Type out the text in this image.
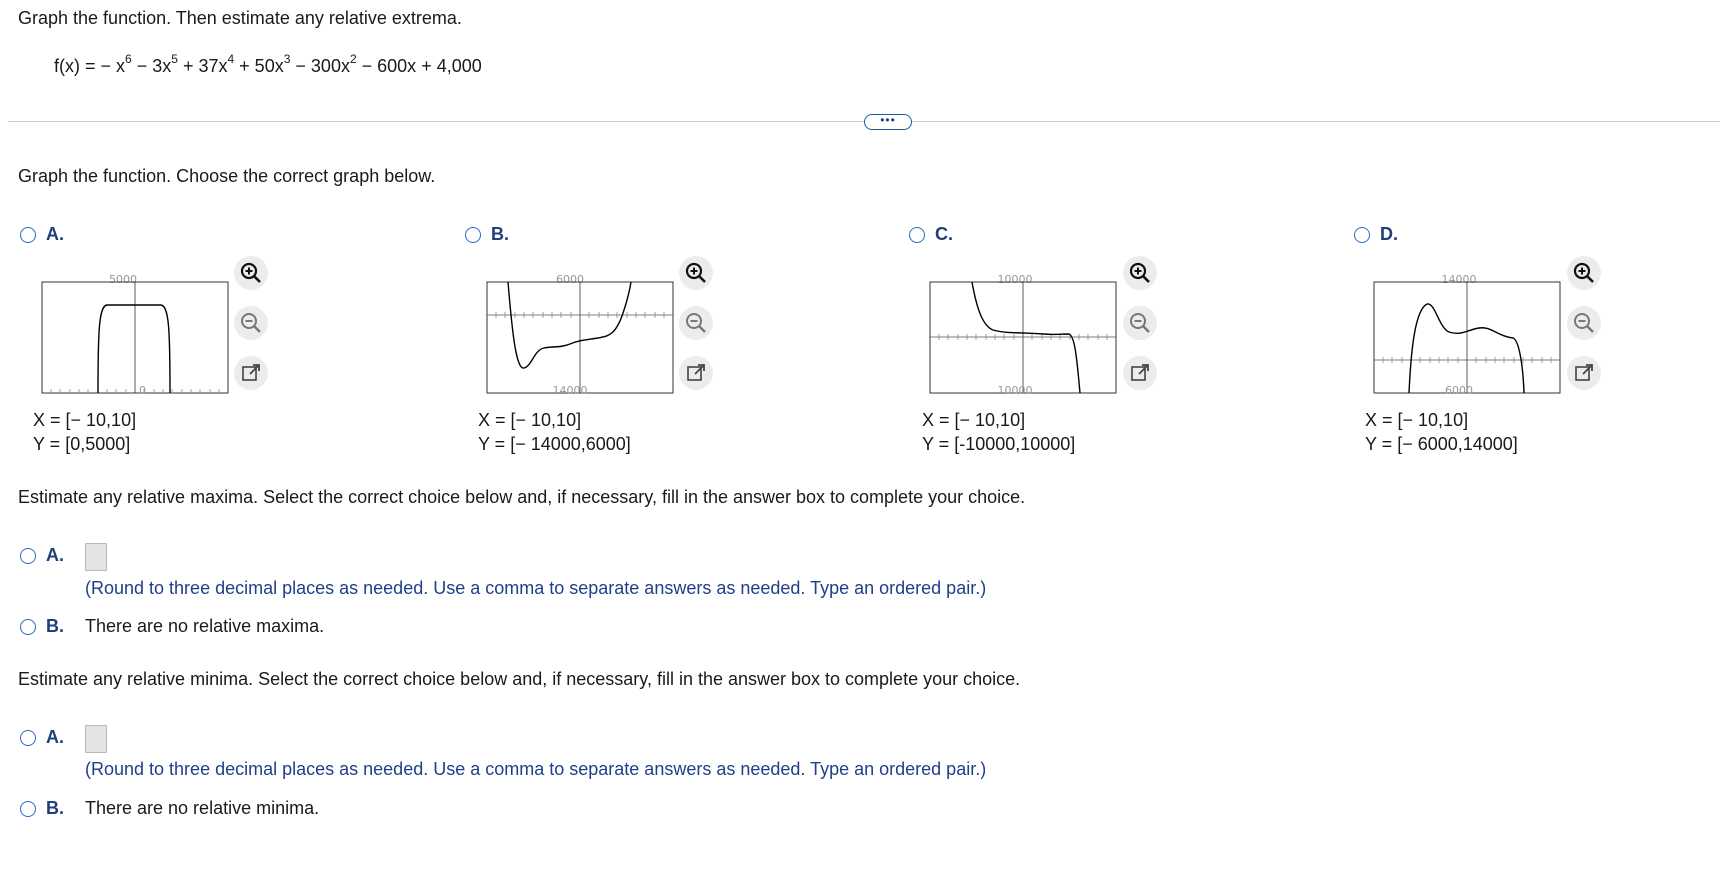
Graph the function. Then estimate any relative extrema.
f(x) = − $x^6 - 3x^5 + 37x^4 + 50x^3 - 300x^2 - 600x + 4,000$
•••
Graph the function. Choose the correct graph below.
A.
5000
0
X = [− 10,10]
Y = [0,5000]
B.
6000
14000
X = [− 10,10]
Y = [− 14000,6000]
C.
10000
10000
X = [− 10,10]
Y = [-10000,10000]
D.
14000
6000
X = [− 10,10]
Y = [− 6000,14000]
Estimate any relative maxima. Select the correct choice below and, if necessary, fill in the answer box to complete your choice.
A.
(Round to three decimal places as needed. Use a comma to separate answers as needed. Type an ordered pair.)
B. There are no relative maxima.
Estimate any relative minima. Select the correct choice below and, if necessary, fill in the answer box to complete your choice.
A.
(Round to three decimal places as needed. Use a comma to separate answers as needed. Type an ordered pair.)
B. There are no relative minima.
